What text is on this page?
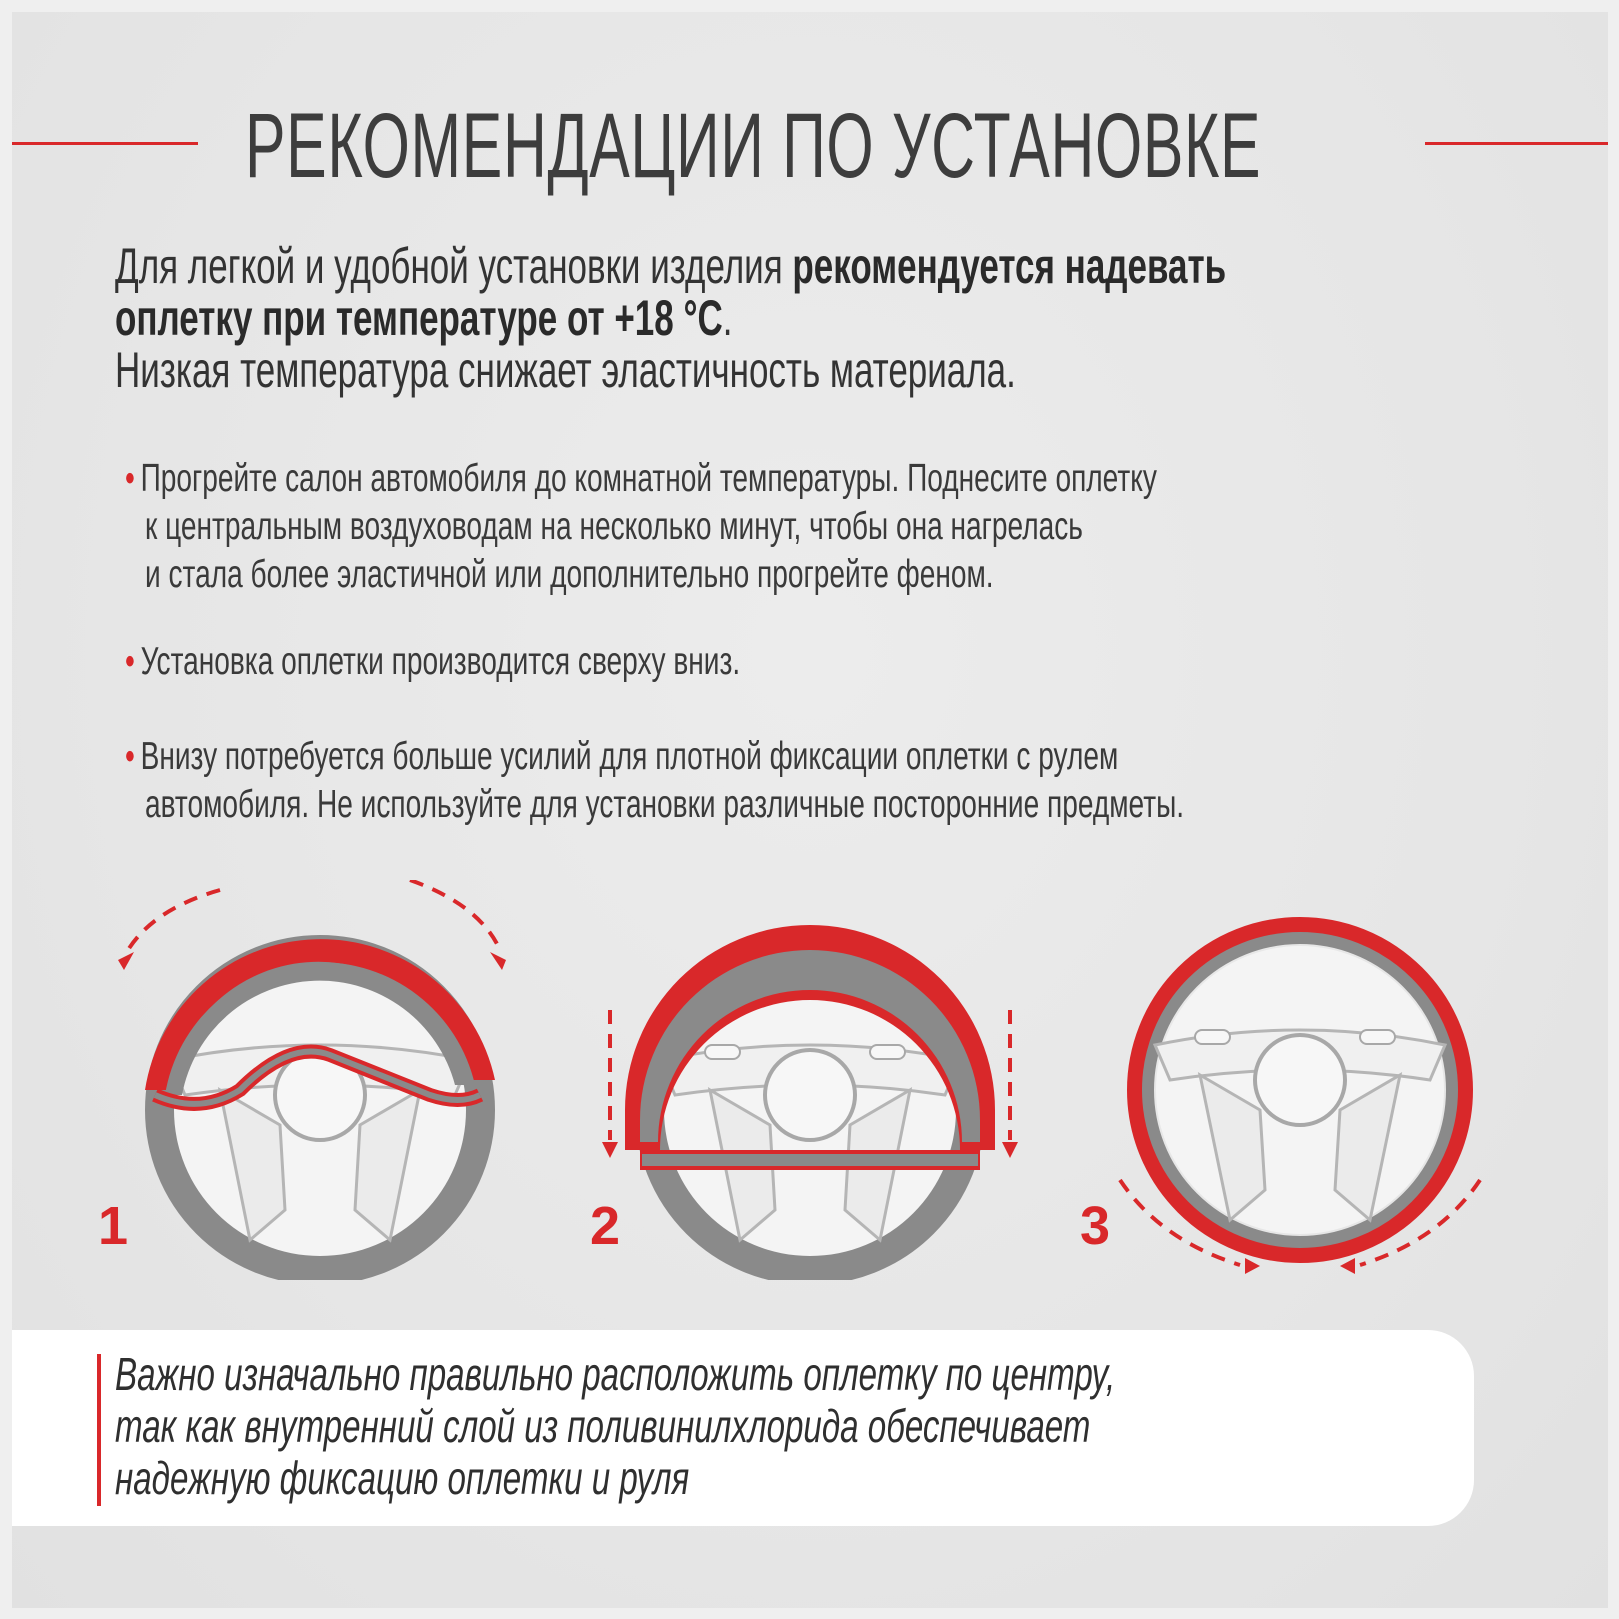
РЕКОМЕНДАЦИИ ПО УСТАНОВКЕ
Для легкой и удобной установки изделия рекомендуется надевать
оплетку при температуре от +18 °C.
Низкая температура снижает эластичность материала.
• Прогрейте салон автомобиля до комнатной температуры. Поднесите оплетку
к центральным воздуховодам на несколько минут, чтобы она нагрелась
и стала более эластичной или дополнительно прогрейте феном.
• Установка оплетки производится сверху вниз.
• Внизу потребуется больше усилий для плотной фиксации оплетки с рулем
автомобиля. Не используйте для установки различные посторонние предметы.
1	2	3
Важно изначально правильно расположить оплетку по центру,
так как внутренний слой из поливинилхлорида обеспечивает
надежную фиксацию оплетки и руля
